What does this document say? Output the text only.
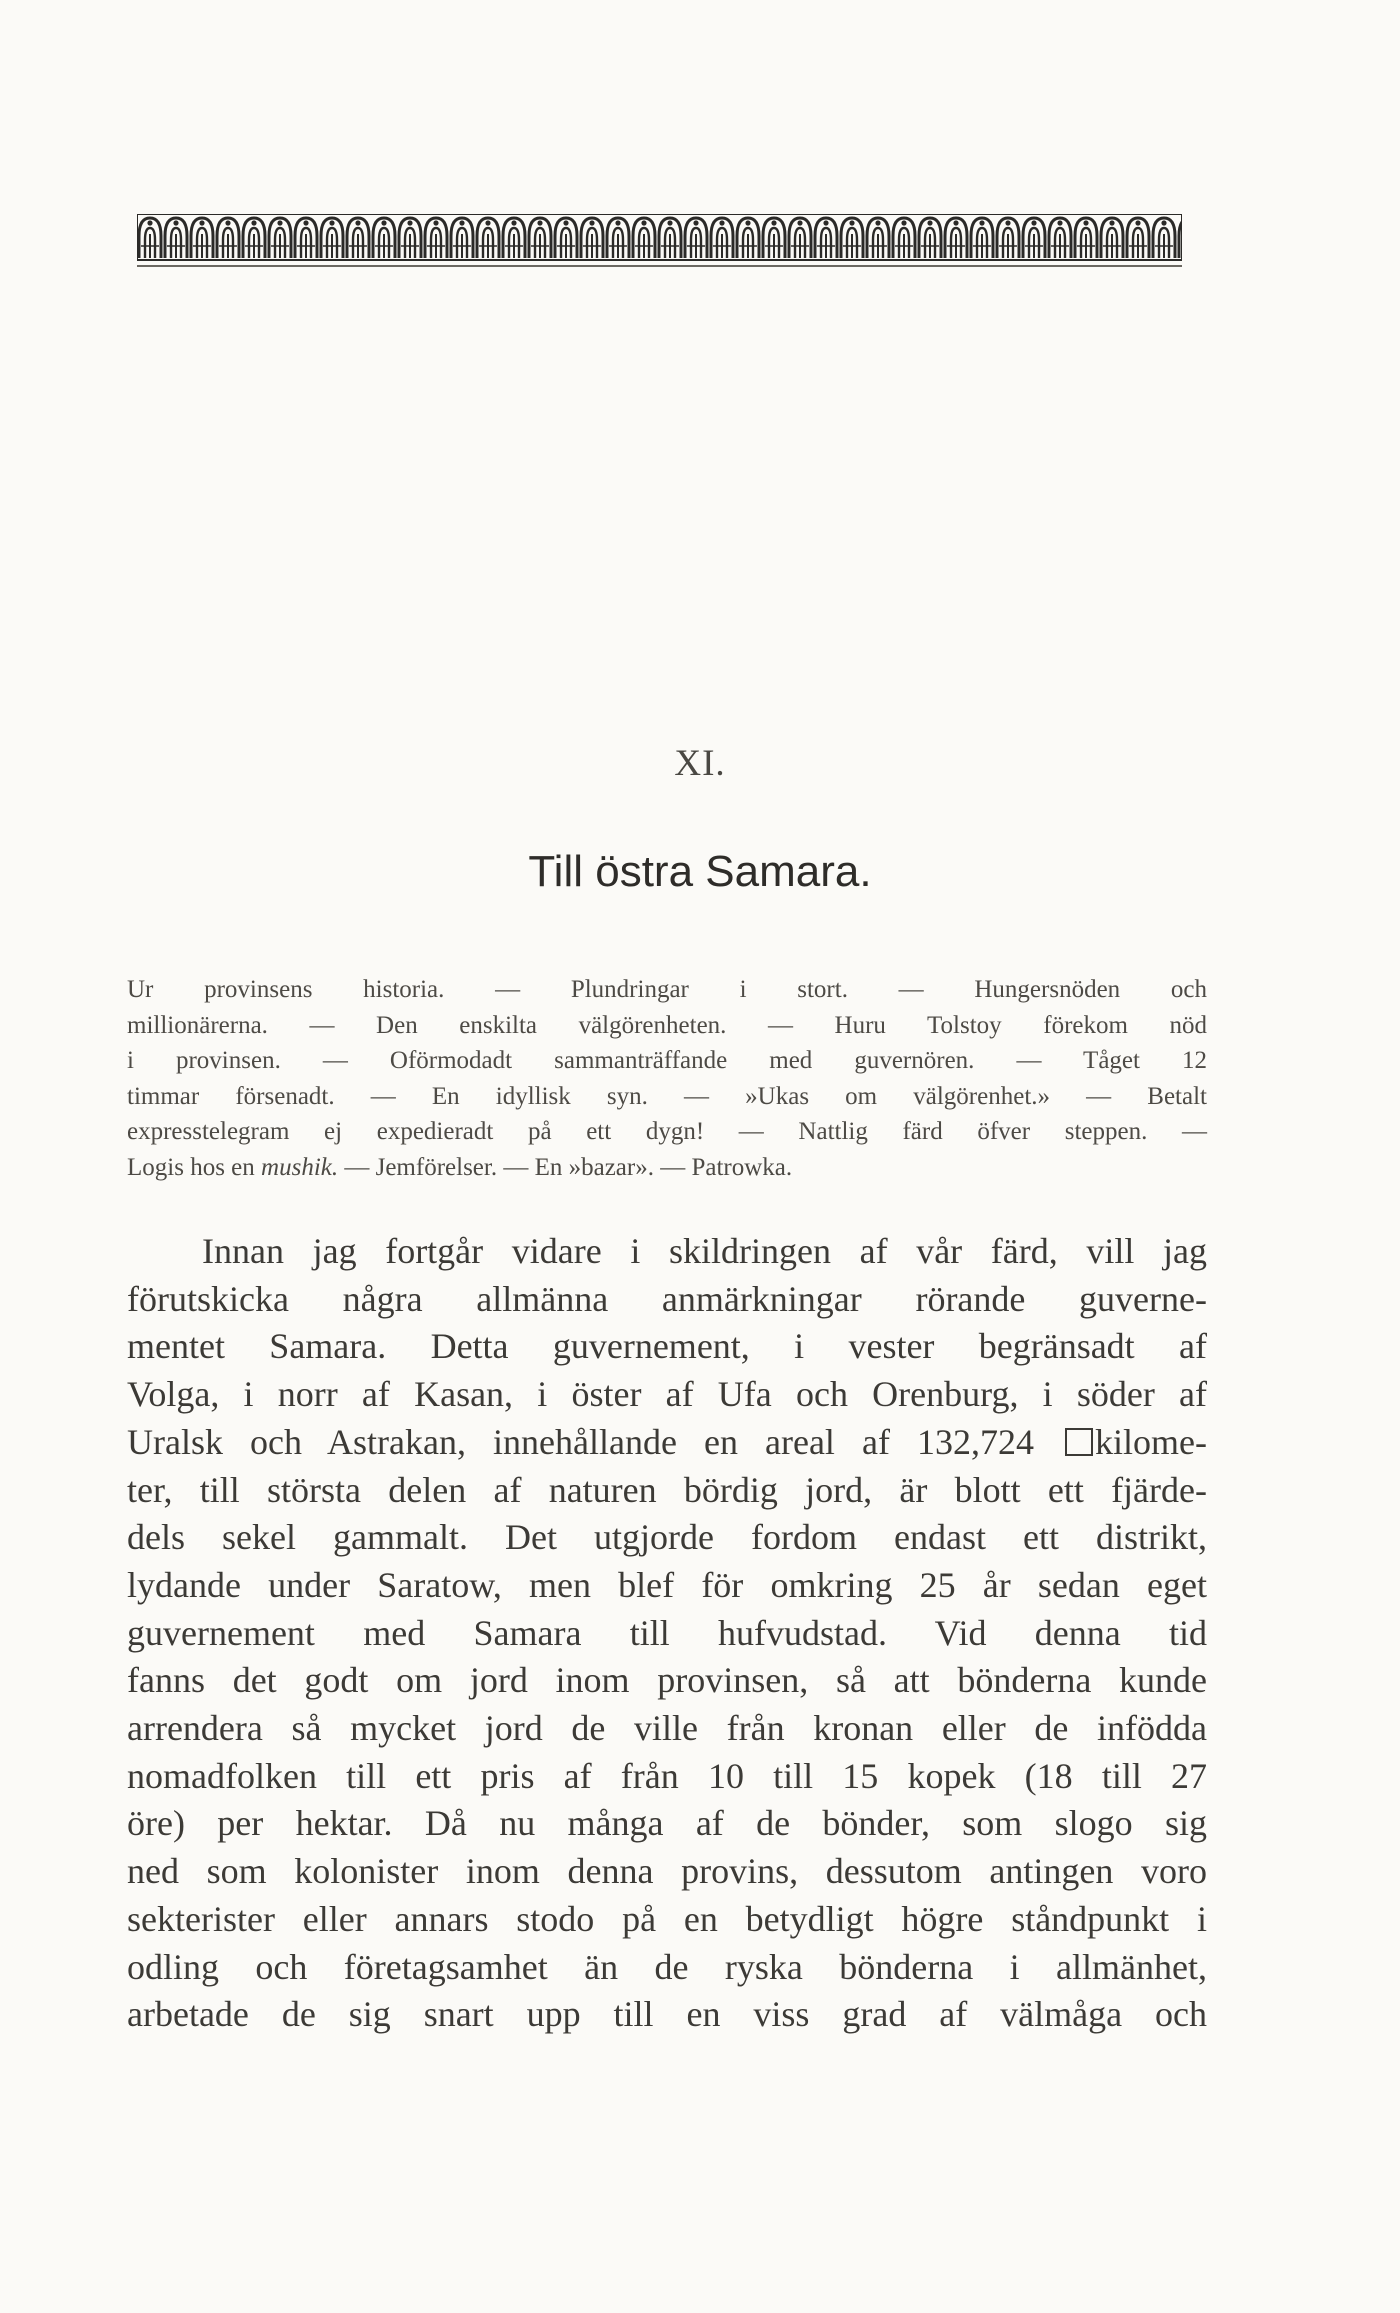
XI.
Till östra Samara.
Ur provinsens historia. — Plundringar i stort. — Hungersnöden och
millionärerna. — Den enskilta välgörenheten. — Huru Tolstoy förekom nöd
i provinsen. — Oförmodadt sammanträffande med guvernören. — Tåget 12
timmar försenadt. — En idyllisk syn. — »Ukas om välgörenhet.» — Betalt
expresstelegram ej expedieradt på ett dygn! — Nattlig färd öfver steppen. —
Logis hos en mushik. — Jemförelser. — En »bazar». — Patrowka.
Innan jag fortgår vidare i skildringen af vår färd, vill jag
förutskicka några allmänna anmärkningar rörande guverne-
mentet Samara. Detta guvernement, i vester begränsadt af
Volga, i norr af Kasan, i öster af Ufa och Orenburg, i söder af
Uralsk och Astrakan, innehållande en areal af 132,724 kilome-
ter, till största delen af naturen bördig jord, är blott ett fjärde-
dels sekel gammalt. Det utgjorde fordom endast ett distrikt,
lydande under Saratow, men blef för omkring 25 år sedan eget
guvernement med Samara till hufvudstad. Vid denna tid
fanns det godt om jord inom provinsen, så att bönderna kunde
arrendera så mycket jord de ville från kronan eller de infödda
nomadfolken till ett pris af från 10 till 15 kopek (18 till 27
öre) per hektar. Då nu många af de bönder, som slogo sig
ned som kolonister inom denna provins, dessutom antingen voro
sekterister eller annars stodo på en betydligt högre ståndpunkt i
odling och företagsamhet än de ryska bönderna i allmänhet,
arbetade de sig snart upp till en viss grad af välmåga och
